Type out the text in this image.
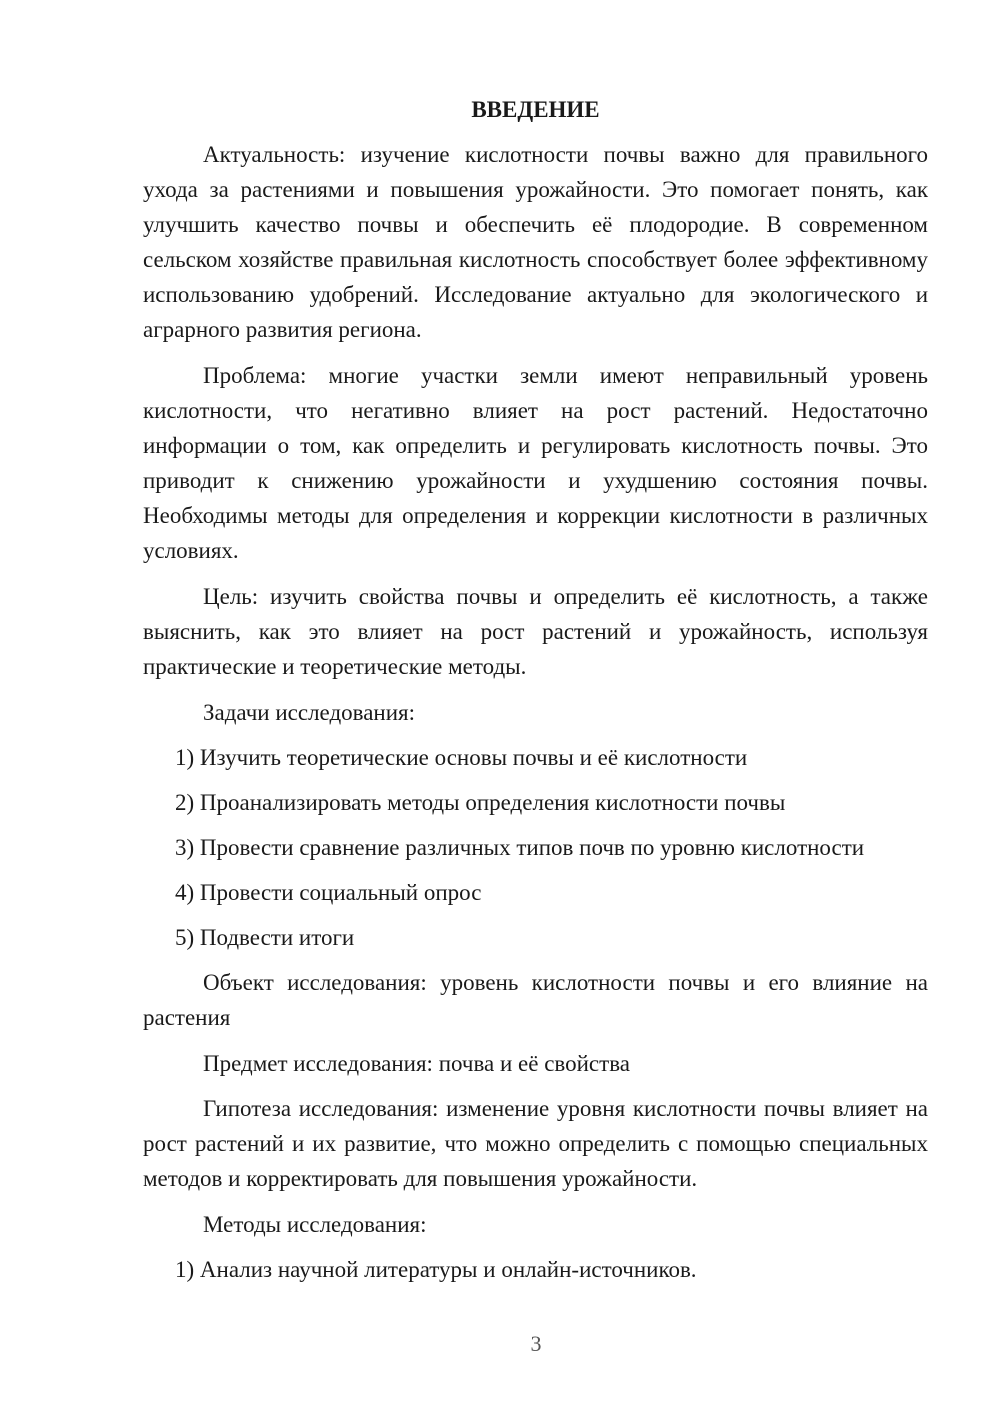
ВВЕДЕНИЕ

Актуальность: изучение кислотности почвы важно для правильного ухода за растениями и повышения урожайности. Это помогает понять, как улучшить качество почвы и обеспечить её плодородие. В современном сельском хозяйстве правильная кислотность способствует более эффективному использованию удобрений. Исследование актуально для экологического и аграрного развития региона.

Проблема: многие участки земли имеют неправильный уровень кислотности, что негативно влияет на рост растений. Недостаточно информации о том, как определить и регулировать кислотность почвы. Это приводит к снижению урожайности и ухудшению состояния почвы. Необходимы методы для определения и коррекции кислотности в различных условиях.

Цель: изучить свойства почвы и определить её кислотность, а также выяснить, как это влияет на рост растений и урожайность, используя практические и теоретические методы.

Задачи исследования:

1) Изучить теоретические основы почвы и её кислотности
2) Проанализировать методы определения кислотности почвы
3) Провести сравнение различных типов почв по уровню кислотности
4) Провести социальный опрос
5) Подвести итоги

Объект исследования: уровень кислотности почвы и его влияние на растения

Предмет исследования: почва и её свойства

Гипотеза исследования: изменение уровня кислотности почвы влияет на рост растений и их развитие, что можно определить с помощью специальных методов и корректировать для повышения урожайности.

Методы исследования:

1) Анализ научной литературы и онлайн-источников.
3
